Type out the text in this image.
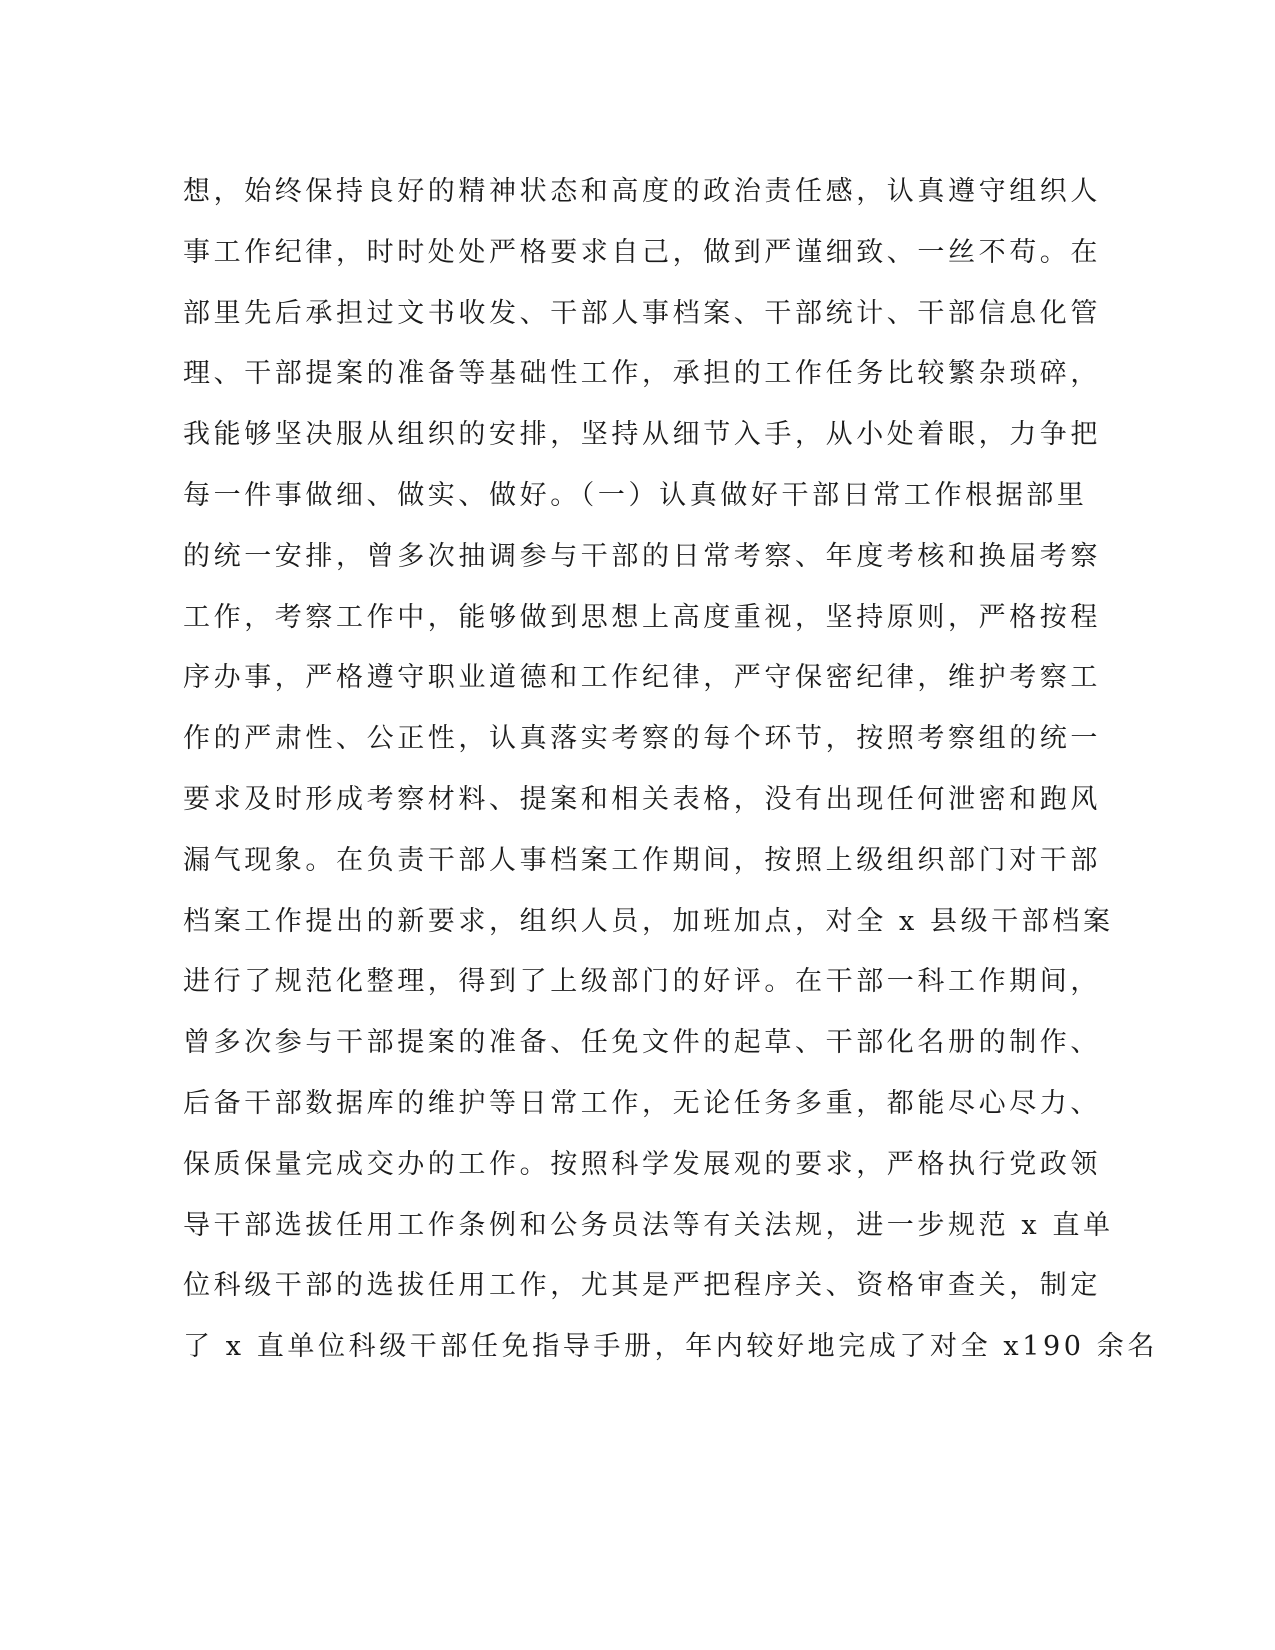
想，始终保持良好的精神状态和高度的政治责任感，认真遵守组织人
事工作纪律，时时处处严格要求自己，做到严谨细致、一丝不苟。在
部里先后承担过文书收发、干部人事档案、干部统计、干部信息化管
理、干部提案的准备等基础性工作，承担的工作任务比较繁杂琐碎，
我能够坚决服从组织的安排，坚持从细节入手，从小处着眼，力争把
每一件事做细、做实、做好。（一）认真做好干部日常工作根据部里
的统一安排，曾多次抽调参与干部的日常考察、年度考核和换届考察
工作，考察工作中，能够做到思想上高度重视，坚持原则，严格按程
序办事，严格遵守职业道德和工作纪律，严守保密纪律，维护考察工
作的严肃性、公正性，认真落实考察的每个环节，按照考察组的统一
要求及时形成考察材料、提案和相关表格，没有出现任何泄密和跑风
漏气现象。在负责干部人事档案工作期间，按照上级组织部门对干部
档案工作提出的新要求，组织人员，加班加点，对全 x 县级干部档案
进行了规范化整理，得到了上级部门的好评。在干部一科工作期间，
曾多次参与干部提案的准备、任免文件的起草、干部化名册的制作、
后备干部数据库的维护等日常工作，无论任务多重，都能尽心尽力、
保质保量完成交办的工作。按照科学发展观的要求，严格执行党政领
导干部选拔任用工作条例和公务员法等有关法规，进一步规范 x 直单
位科级干部的选拔任用工作，尤其是严把程序关、资格审查关，制定
了 x 直单位科级干部任免指导手册，年内较好地完成了对全 x190 余名
